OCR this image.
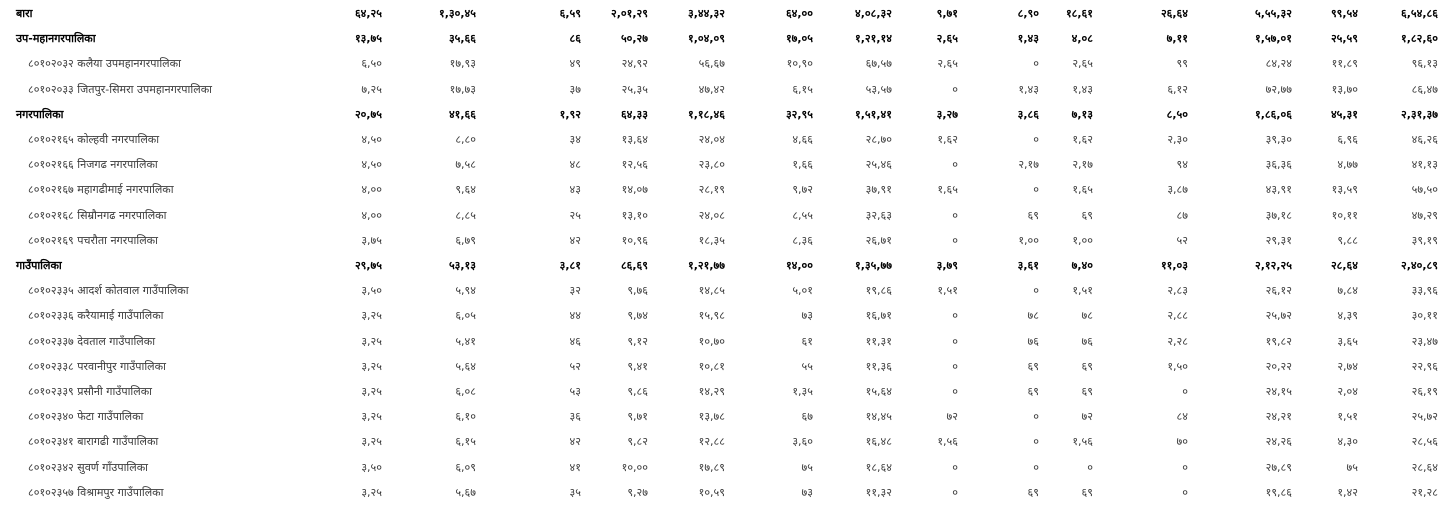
बारा	६४,२५	१,३०,४५	६,५९	२,०१,२९	३,४४,३२	६४,००	४,०८,३२	९,७१	८,९० १८,६१	२६,६४	५,५५,३२	९९,५४	६,५४,८६
उप-महानगरपालिका	१३,७५	३५,६६	८६	५०,२७	१,०४,०९	१७,०५	१,२१,१४	२,६५	१,४३	४,०८	७,११	१,५७,०१	२५,५९	१,८२,६०
८०१०२०३२ कलैया उपमहानगरपालिका	६,५०	१७,९३	४९	२४,९२	५६,६७	१०,९०	६७,५७	२,६५	०	२,६५	९९	८४,२४	११,८९	९६,१३
८०१०२०३३ जितपुर-सिमरा उपमहानगरपालिका	७,२५	१७,७३	३७	२५,३५	४७,४२	६,१५	५३,५७	०	१,४३	१,४३	६,१२	७२,७७	१३,७०	८६,४७
नगरपालिका	२०,७५	४१,६६	१,९२	६४,३३	१,१८,४६	३२,९५	१,५१,४१	३,२७	३,८६	७,१३	८,५०	१,८६,०६	४५,३१	२,३१,३७
८०१०२१६५ कोल्हवी नगरपालिका	४,५०	८,८०	३४	१३,६४	२४,०४	४,६६	२८,७०	१,६२	०	१,६२	२,३०	३९,३०	६,९६	४६,२६
८०१०२१६६ निजगढ नगरपालिका	४,५०	७,५८	४८	१२,५६	२३,८०	१,६६	२५,४६	०	२,१७	२,१७	९४	३६,३६	४,७७	४१,१३
८०१०२१६७ महागढीमाई नगरपालिका	४,००	९,६४	४३	१४,०७	२८,१९	९,७२	३७,९१	१,६५	०	१,६५	३,८७	४३,९१	१३,५९	५७,५०
८०१०२१६८ सिम्रौनगढ नगरपालिका	४,००	८,८५	२५	१३,१०	२४,०८	८,५५	३२,६३	०	६९	६९	८७	३७,१८	१०,११	४७,२९
८०१०२१६९ पचरौता नगरपालिका	३,७५	६,७९	४२	१०,९६	१८,३५	८,३६	२६,७१	०	१,००	१,००	५२	२९,३१	९,८८	३९,१९
गाउँपालिका	२९,७५	५३,१३	३,८१	८६,६९	१,२१,७७	१४,००	१,३५,७७	३,७९	३,६१	७,४०	११,०३	२,१२,२५	२८,६४	२,४०,८९
८०१०२३३५ आदर्श कोतवाल गाउँपालिका	३,५०	५,९४	३२	९,७६	१४,८५	५,०१	१९,८६	१,५१	०	१,५१	२,८३	२६,१२	७,८४	३३,९६
८०१०२३३६ करैयामाई गाउँपालिका	३,२५	६,०५	४४	९,७४	१५,९८	७३	१६,७१	०	७८	७८	२,८८	२५,७२	४,३९	३०,११
८०१०२३३७ देवताल गाउँपालिका	३,२५	५,४१	४६	९,१२	१०,७०	६१	११,३१	०	७६	७६	२,२८	१९,८२	३,६५	२३,४७
८०१०२३३८ परवानीपुर गाउँपालिका	३,२५	५,६४	५२	९,४१	१०,८१	५५	११,३६	०	६९	६९	१,५०	२०,२२	२,७४	२२,९६
८०१०२३३९ प्रसौनी गाउँपालिका	३,२५	६,०८	५३	९,८६	१४,२९	१,३५	१५,६४	०	६९	६९	०	२४,१५	२,०४	२६,१९
८०१०२३४० फेटा गाउँपालिका	३,२५	६,१०	३६	९,७१	१३,७८	६७	१४,४५	७२	०	७२	८४	२४,२१	१,५१	२५,७२
८०१०२३४१ बारागढी गाउँपालिका	३,२५	६,१५	४२	९,८२	१२,८८	३,६०	१६,४८	१,५६	०	१,५६	७०	२४,२६	४,३०	२८,५६
८०१०२३४२ सुवर्ण गाँउपालिका	३,५०	६,०९	४१	१०,००	१७,८९	७५	१८,६४	०	०	०	०	२७,८९	७५	२८,६४
८०१०२३५७ विश्रामपुर गाउँपालिका	३,२५	५,६७	३५	९,२७	१०,५९	७३	११,३२	०	६९	६९	०	१९,८६	१,४२	२१,२८
